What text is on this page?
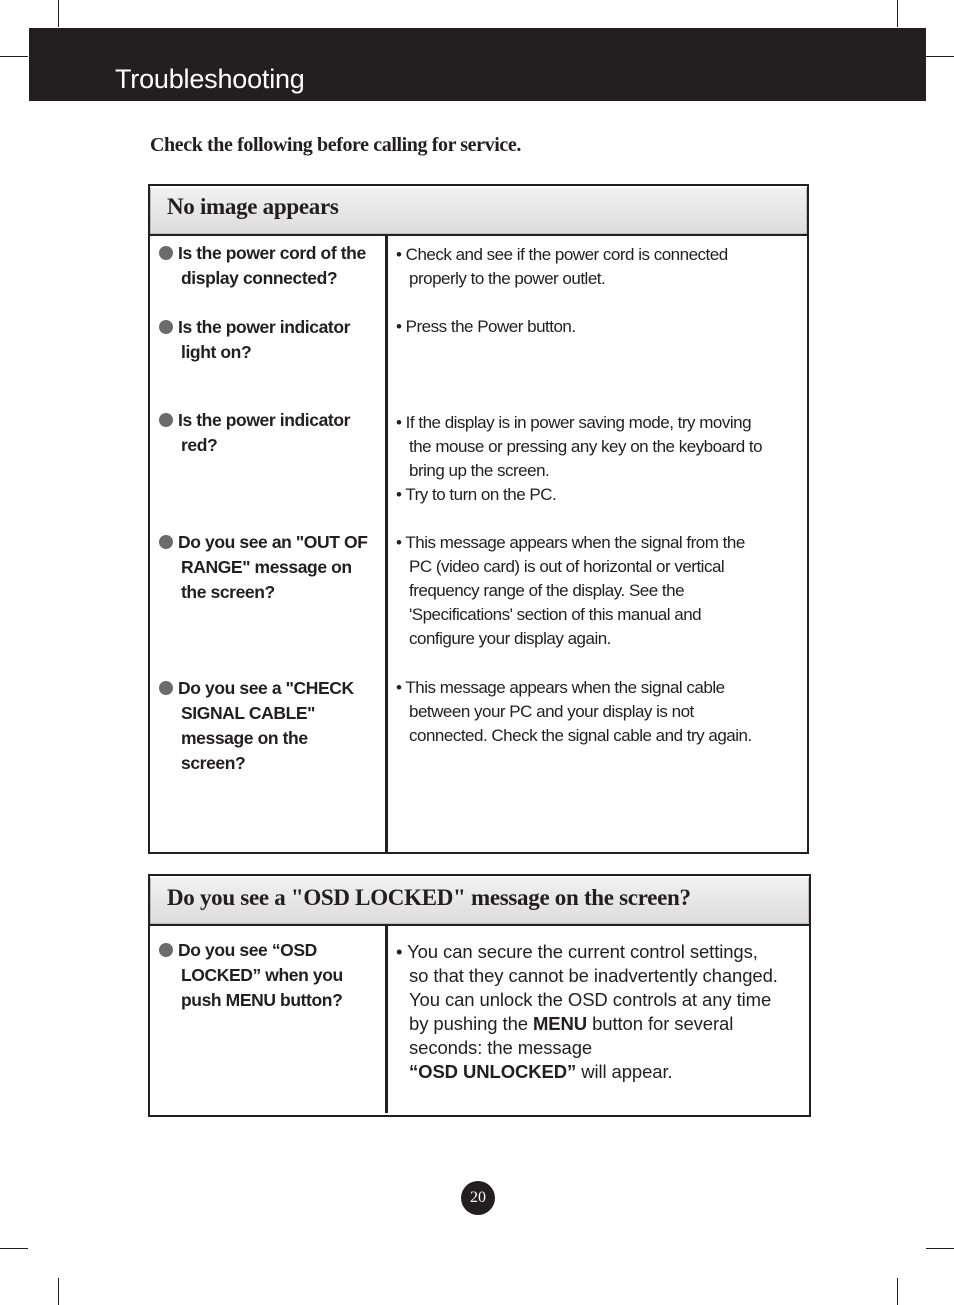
Troubleshooting
Check the following before calling for service.
No image appears
Is the power cord of the
display connected?
• Check and see if the power cord is connected
properly to the power outlet.
Is the power indicator
light on?
• Press the Power button.
Is the power indicator
red?
• If the display is in power saving mode, try moving
the mouse or pressing any key on the keyboard to
bring up the screen.
• Try to turn on the PC.
Do you see an "OUT OF
RANGE" message on
the screen?
• This message appears when the signal from the
PC (video card) is out of horizontal or vertical
frequency range of the display. See the
'Specifications' section of this manual and
configure your display again.
Do you see a "CHECK
SIGNAL CABLE"
message on the
screen?
• This message appears when the signal cable
between your PC and your display is not
connected. Check the signal cable and try again.
Do you see a "OSD LOCKED" message on the screen?
Do you see “OSD
LOCKED” when you
push MENU button?
• You can secure the current control settings,
so that they cannot be inadvertently changed.
You can unlock the OSD controls at any time
by pushing the MENU button for several
seconds: the message
“OSD UNLOCKED” will appear.
20
